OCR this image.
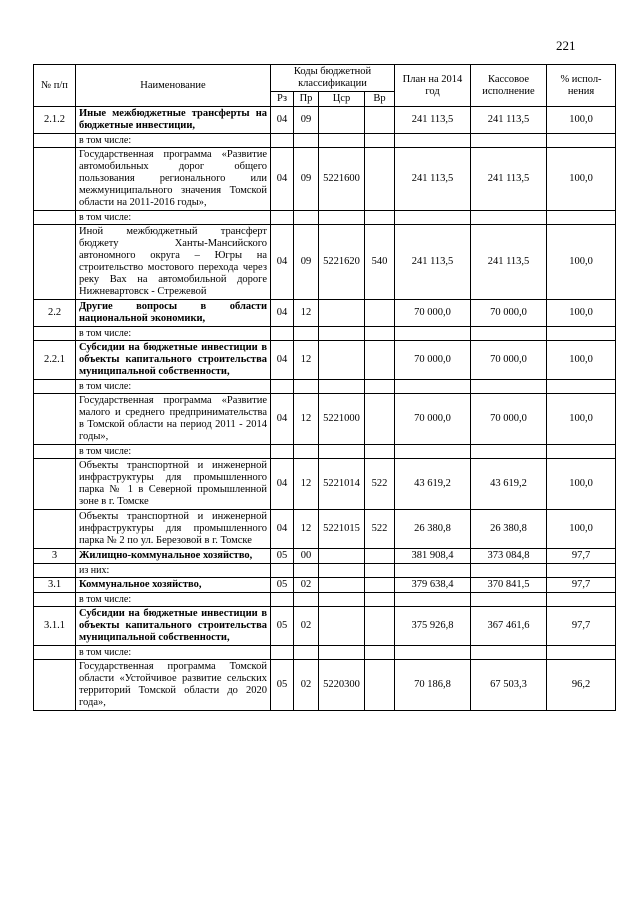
221
№ п/п	Наименование	Коды бюджетной классификации				План на 2014 год	Кассовое исполнение	% испол-нения
		Рз	Пр	Цср	Вр			
2.1.2	Иные межбюджетные трансферты на бюджетные инвестиции,	04	09			241 113,5	241 113,5	100,0
	в том числе:							
	Государственная программа «Развитие автомобильных дорог общего пользования регионального или межмуниципального значения Томской области на 2011-2016 годы»,	04	09	5221600		241 113,5	241 113,5	100,0
	в том числе:							
	Иной межбюджетный трансферт бюджету Ханты-Мансийского автономного округа – Югры на строительство мостового перехода через реку Вах на автомобильной дороге Нижневартовск - Стрежевой	04	09	5221620	540	241 113,5	241 113,5	100,0
2.2	Другие вопросы в области национальной экономики,	04	12			70 000,0	70 000,0	100,0
	в том числе:							
2.2.1	Субсидии на бюджетные инвестиции в объекты капитального строительства муниципальной собственности,	04	12			70 000,0	70 000,0	100,0
	в том числе:							
	Государственная программа «Развитие малого и среднего предпринимательства в Томской области на период 2011 - 2014 годы»,	04	12	5221000		70 000,0	70 000,0	100,0
	в том числе:							
	Объекты транспортной и инженерной инфраструктуры для промышленного парка № 1 в Северной промышленной зоне в г. Томске	04	12	5221014	522	43 619,2	43 619,2	100,0
	Объекты транспортной и инженерной инфраструктуры для промышленного парка № 2 по ул. Березовой в г. Томске	04	12	5221015	522	26 380,8	26 380,8	100,0
3	Жилищно-коммунальное хозяйство,	05	00			381 908,4	373 084,8	97,7
	из них:							
3.1	Коммунальное хозяйство,	05	02			379 638,4	370 841,5	97,7
	в том числе:							
3.1.1	Субсидии на бюджетные инвестиции в объекты капитального строительства муниципальной собственности,	05	02			375 926,8	367 461,6	97,7
	в том числе:							
	Государственная программа Томской области «Устойчивое развитие сельских территорий Томской области до 2020 года»,	05	02	5220300		70 186,8	67 503,3	96,2
